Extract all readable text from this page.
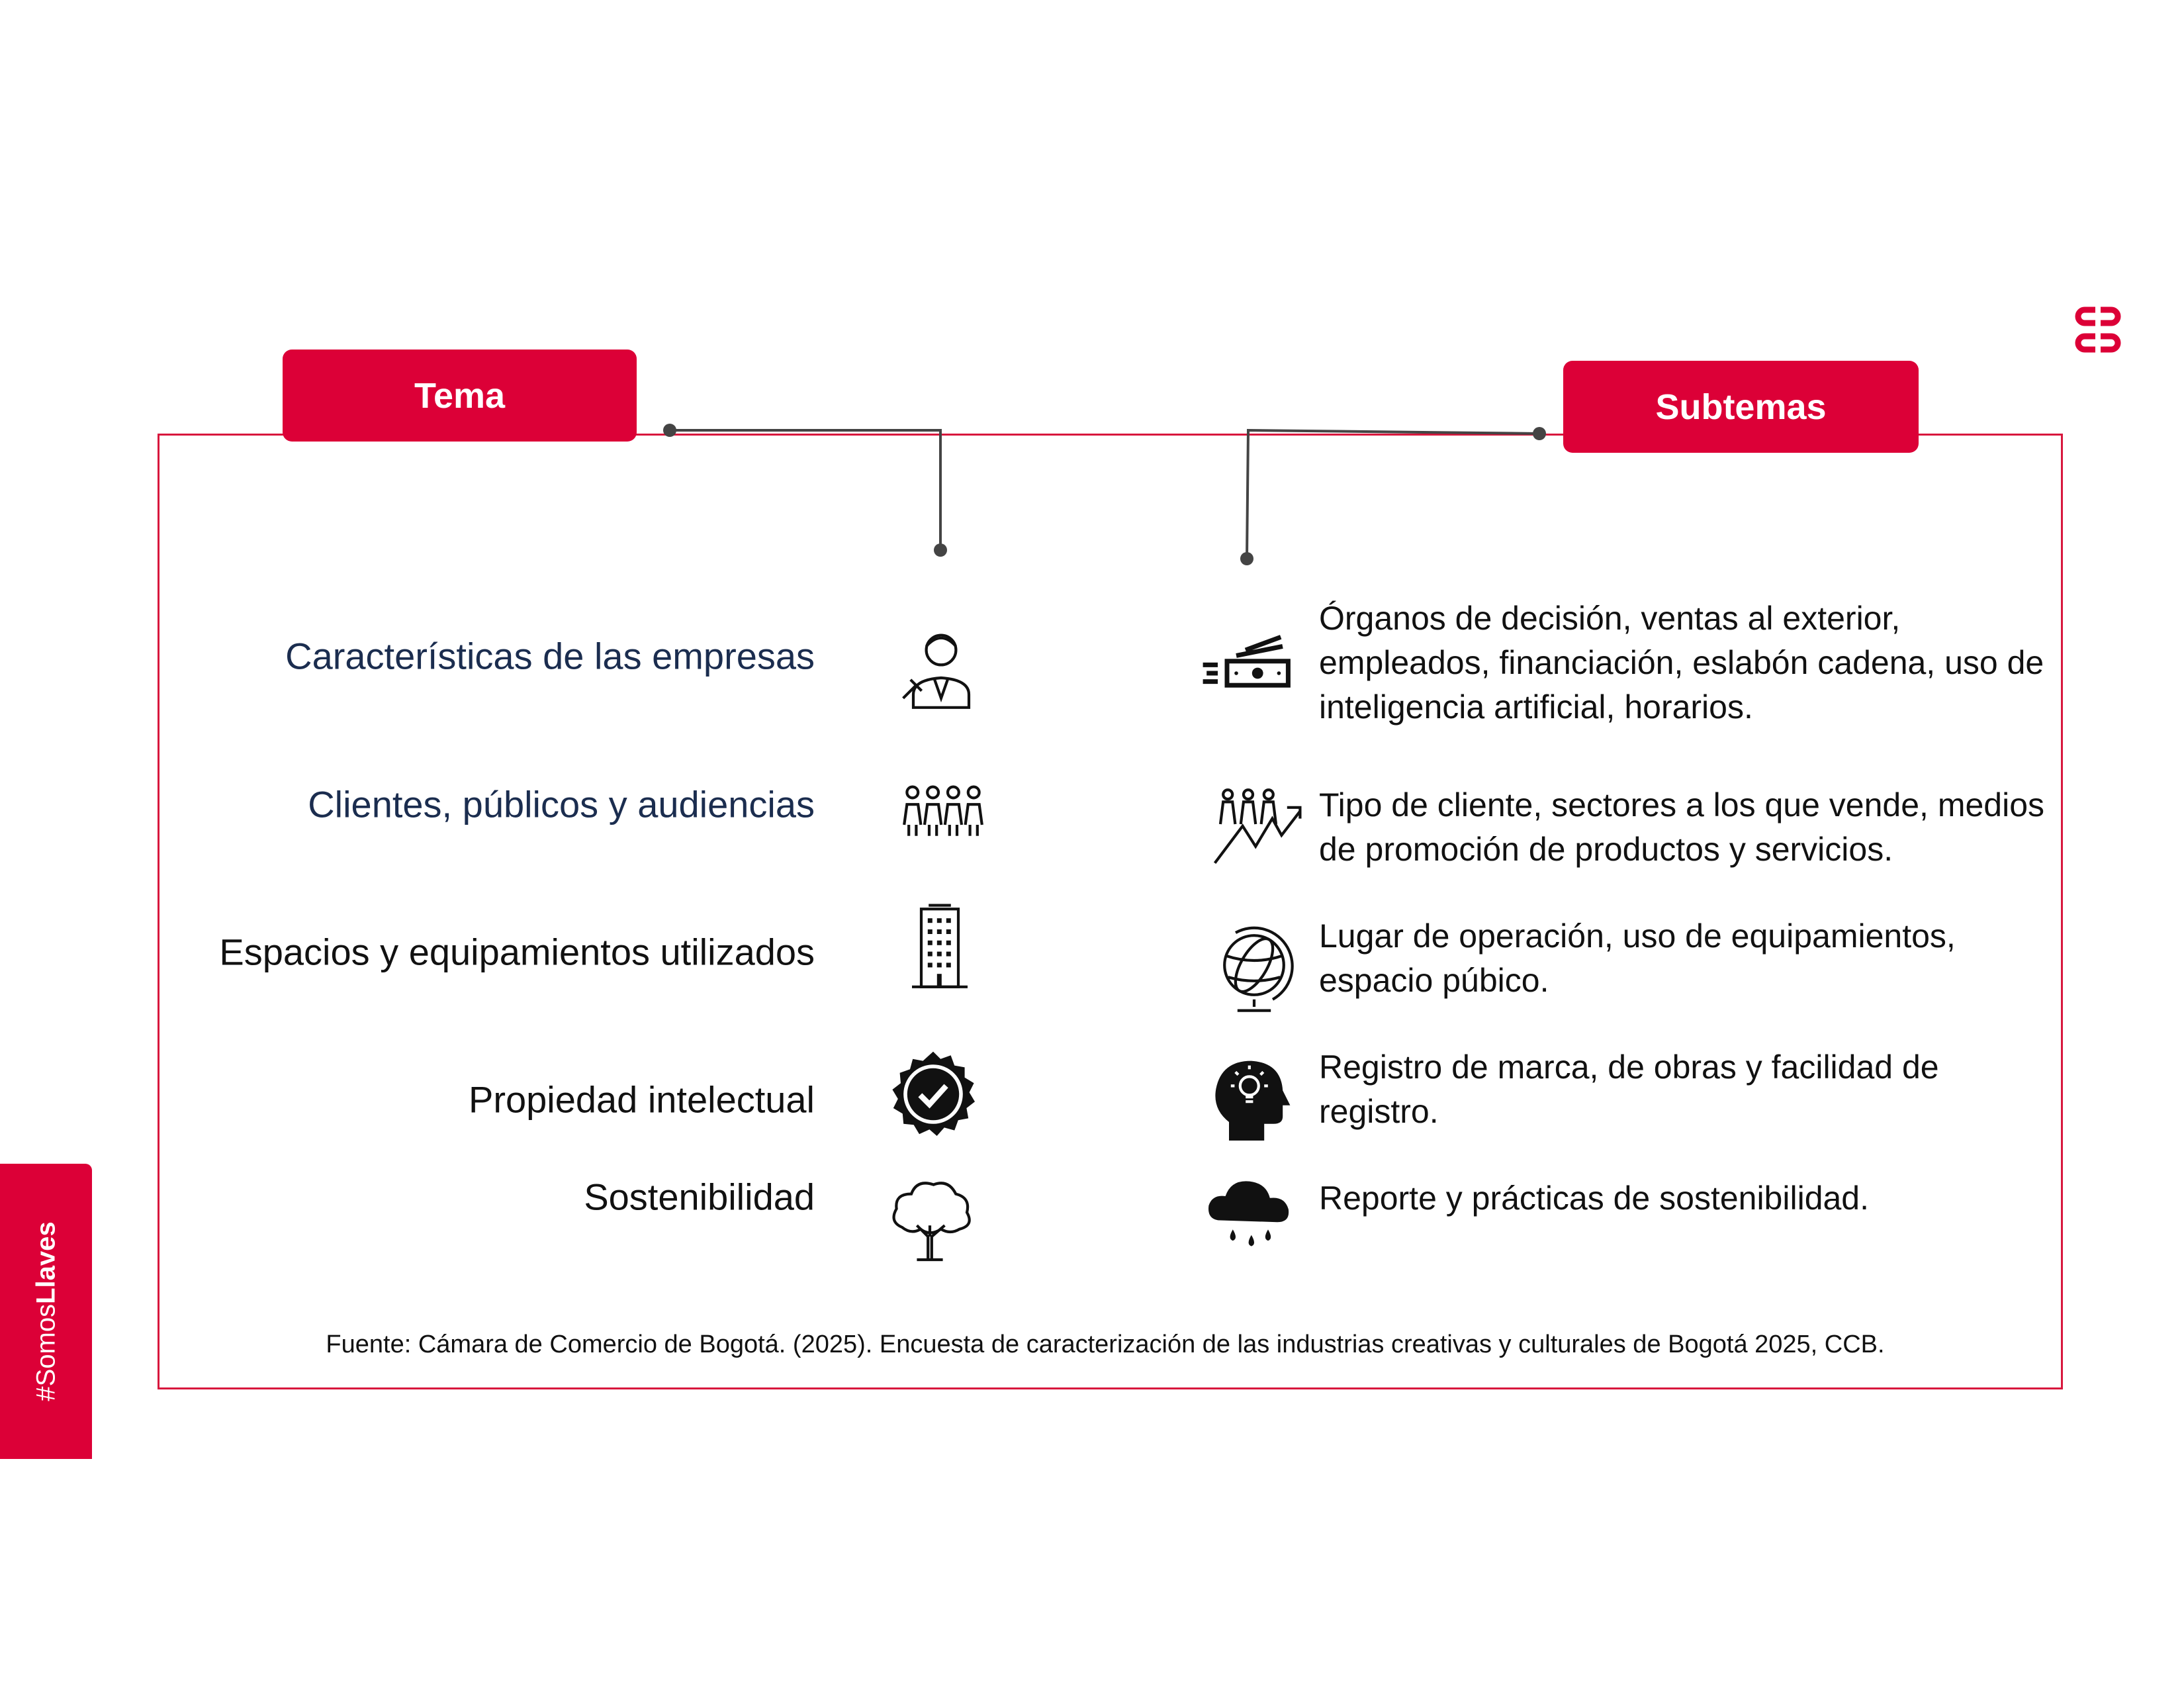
Tema	Subtemas
Características de las empresas
Clientes, públicos y audiencias
Espacios y equipamientos utilizados
Propiedad intelectual
Sostenibilidad
Órganos de decisión, ventas al exterior, empleados, financiación, eslabón cadena, uso de inteligencia artificial, horarios.
Tipo de cliente, sectores a los que vende, medios de promoción de productos y servicios.
Lugar de operación, uso de equipamientos, espacio púbico.
Registro de marca, de obras y facilidad de registro.
Reporte y prácticas de sostenibilidad.
Fuente: Cámara de Comercio de Bogotá. (2025). Encuesta de caracterización de las industrias creativas y culturales de Bogotá 2025, CCB.
#SomosLlaves
